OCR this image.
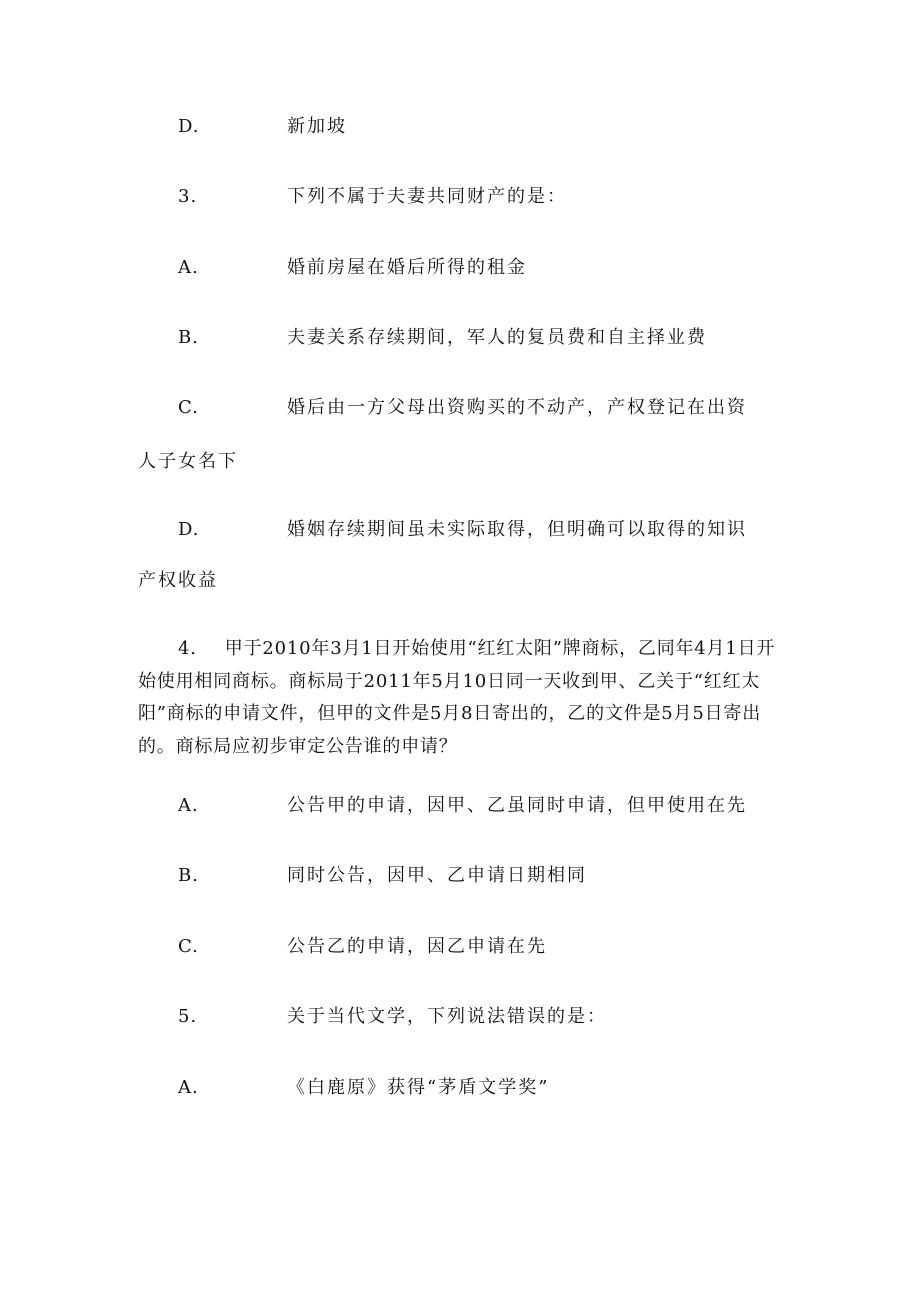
D.	新加坡
3.	下列不属于夫妻共同财产的是：
A.	婚前房屋在婚后所得的租金
B.	夫妻关系存续期间，军人的复员费和自主择业费
C.	婚后由一方父母出资购买的不动产，产权登记在出资
人子女名下
D.	婚姻存续期间虽未实际取得，但明确可以取得的知识
产权收益
4. 甲于2010年3月1日开始使用“红红太阳”牌商标，乙同年4月1日开始使用相同商标。商标局于2011年5月10日同一天收到甲、乙关于“红红太阳”商标的申请文件，但甲的文件是5月8日寄出的，乙的文件是5月5日寄出的。商标局应初步审定公告谁的申请？
A.	公告甲的申请，因甲、乙虽同时申请，但甲使用在先
B.	同时公告，因甲、乙申请日期相同
C.	公告乙的申请，因乙申请在先
5.	关于当代文学，下列说法错误的是：
A.	《白鹿原》获得“茅盾文学奖”
